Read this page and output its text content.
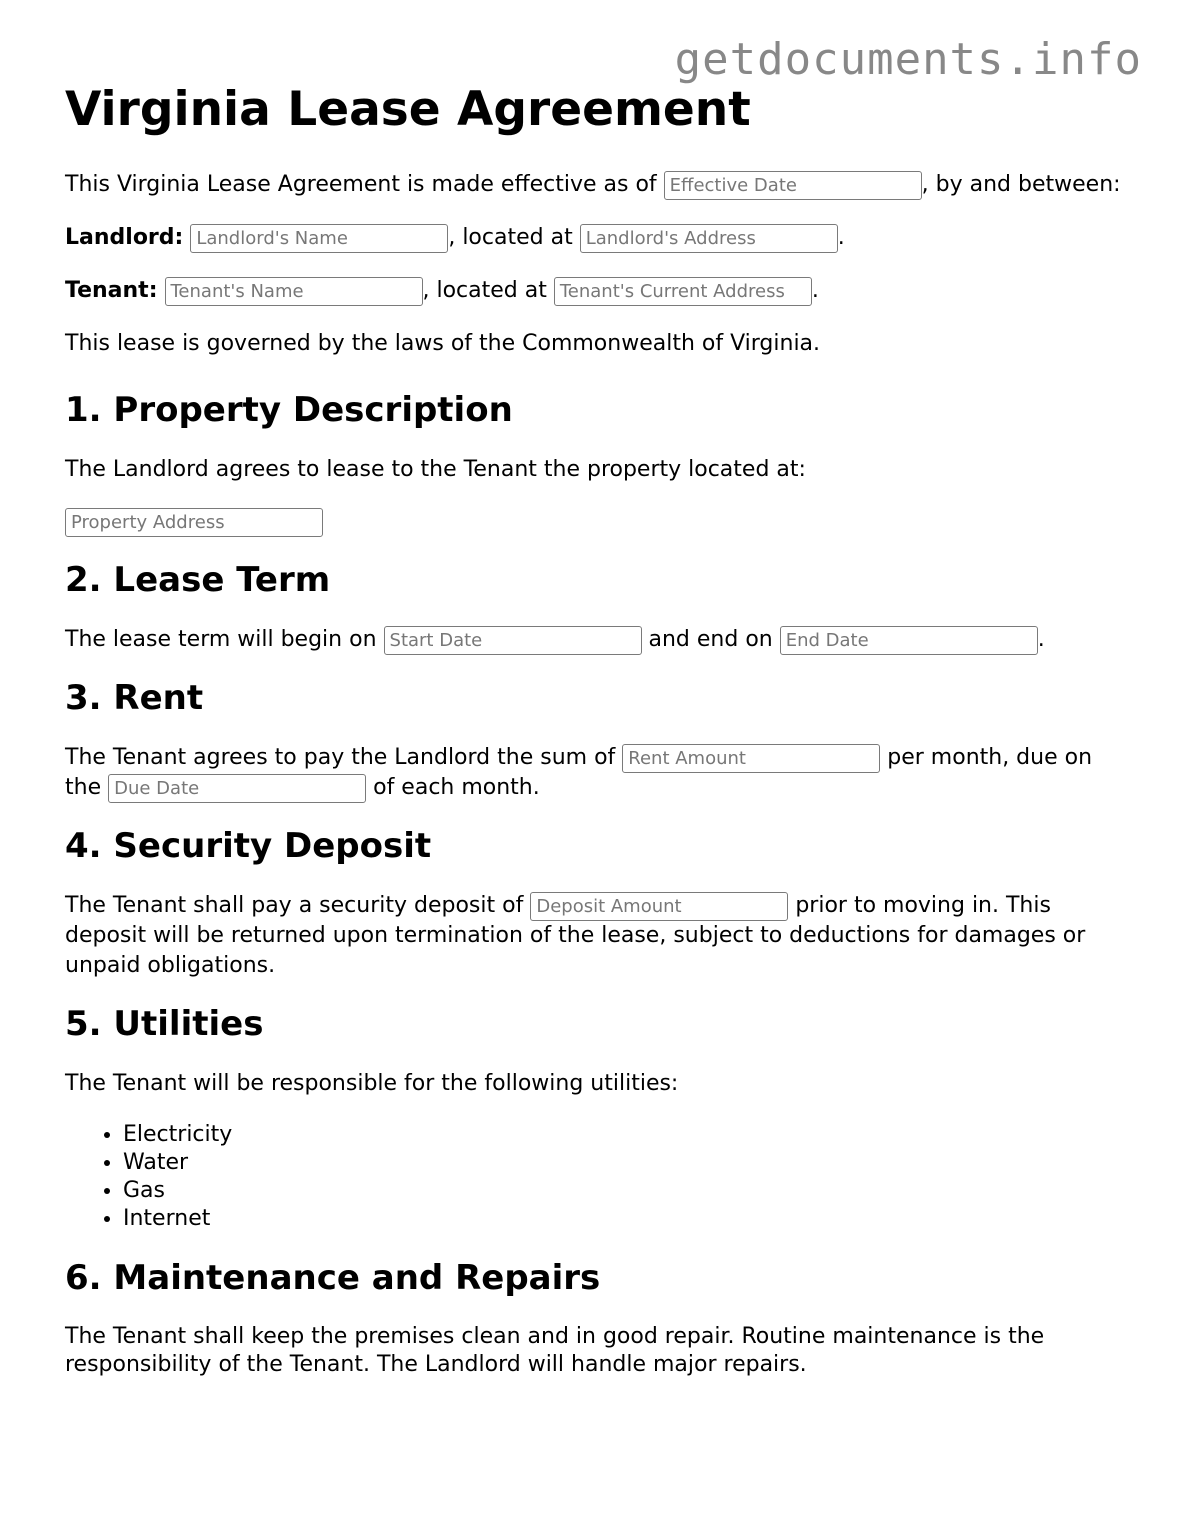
getdocuments.info
Virginia Lease Agreement

This Virginia Lease Agreement is made effective as of Effective Date	, by and between:

Landlord: Landlord's Name	, located at Landlord's Address	.

Tenant: Tenant's Name	, located at Tenant's Current Address .

This lease is governed by the laws of the Commonwealth of Virginia.

1. Property Description

The Landlord agrees to lease to the Tenant the property located at:

Property Address

2. Lease Term

The lease term will begin on Start Date	and end on End Date	.

3. Rent

The Tenant agrees to pay the Landlord the sum of Rent Amount	per month, due on the Due Date	of each month.

4. Security Deposit

The Tenant shall pay a security deposit of Deposit Amount	prior to moving in. This deposit will be returned upon termination of the lease, subject to deductions for damages or unpaid obligations.

5. Utilities

The Tenant will be responsible for the following utilities:

• Electricity
• Water
• Gas
• Internet
6. Maintenance and Repairs

The Tenant shall keep the premises clean and in good repair. Routine maintenance is the responsibility of the Tenant. The Landlord will handle major repairs.
